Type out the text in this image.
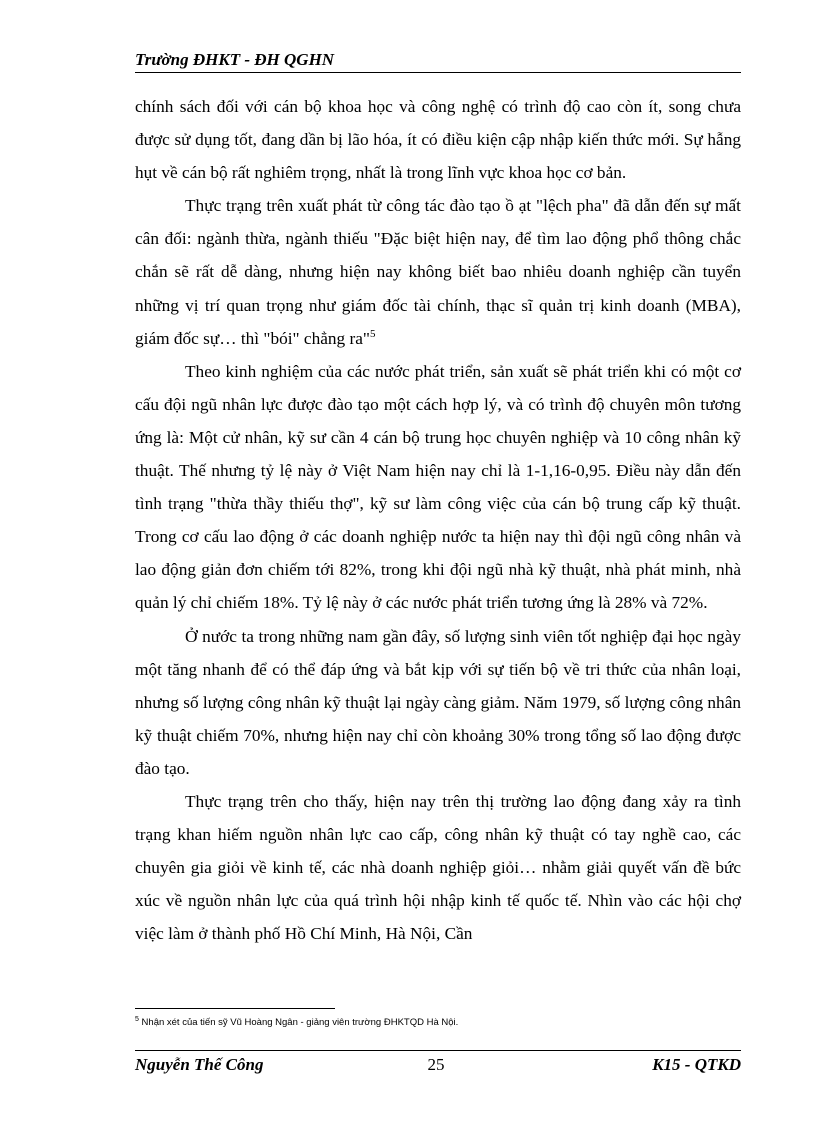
Trường ĐHKT - ĐH QGHN

chính sách đối với cán bộ khoa học và công nghệ có trình độ cao còn ít, song chưa được sử dụng tốt, đang dần bị lão hóa, ít có điều kiện cập nhập kiến thức mới. Sự hẫng hụt về cán bộ rất nghiêm trọng, nhất là trong lĩnh vực khoa học cơ bản.

Thực trạng trên xuất phát từ công tác đào tạo ồ ạt "lệch pha" đã dẫn đến sự mất cân đối: ngành thừa, ngành thiếu "Đặc biệt hiện nay, để tìm lao động phổ thông chắc chắn sẽ rất dễ dàng, nhưng hiện nay không biết bao nhiêu doanh nghiệp cần tuyển những vị trí quan trọng như giám đốc tài chính, thạc sĩ quản trị kinh doanh (MBA), giám đốc sự… thì "bói" chẳng ra"$^5$

Theo kinh nghiệm của các nước phát triển, sản xuất sẽ phát triển khi có một cơ cấu đội ngũ nhân lực được đào tạo một cách hợp lý, và có trình độ chuyên môn tương ứng là: Một cử nhân, kỹ sư cần 4 cán bộ trung học chuyên nghiệp và 10 công nhân kỹ thuật. Thế nhưng tỷ lệ này ở Việt Nam hiện nay chỉ là 1-1,16-0,95. Điều này dẫn đến tình trạng "thừa thầy thiếu thợ", kỹ sư làm công việc của cán bộ trung cấp kỹ thuật. Trong cơ cấu lao động ở các doanh nghiệp nước ta hiện nay thì đội ngũ công nhân và lao động giản đơn chiếm tới 82%, trong khi đội ngũ nhà kỹ thuật, nhà phát minh, nhà quản lý chỉ chiếm 18%. Tỷ lệ này ở các nước phát triển tương ứng là 28% và 72%.

Ở nước ta trong những nam gần đây, số lượng sinh viên tốt nghiệp đại học ngày một tăng nhanh để có thể đáp ứng và bắt kịp với sự tiến bộ về tri thức của nhân loại, nhưng số lượng công nhân kỹ thuật lại ngày càng giảm. Năm 1979, số lượng công nhân kỹ thuật chiếm 70%, nhưng hiện nay chỉ còn khoảng 30% trong tổng số lao động được đào tạo.

Thực trạng trên cho thấy, hiện nay trên thị trường lao động đang xảy ra tình trạng khan hiếm nguồn nhân lực cao cấp, công nhân kỹ thuật có tay nghề cao, các chuyên gia giỏi về kinh tế, các nhà doanh nghiệp giỏi… nhằm giải quyết vấn đề bức xúc về nguồn nhân lực của quá trình hội nhập kinh tế quốc tế. Nhìn vào các hội chợ việc làm ở thành phố Hồ Chí Minh, Hà Nội, Cần

$^5$ Nhận xét của tiến sỹ Vũ Hoàng Ngân - giảng viên trường ĐHKTQD Hà Nội.
Nguyễn Thế Công	25	K15 - QTKD
